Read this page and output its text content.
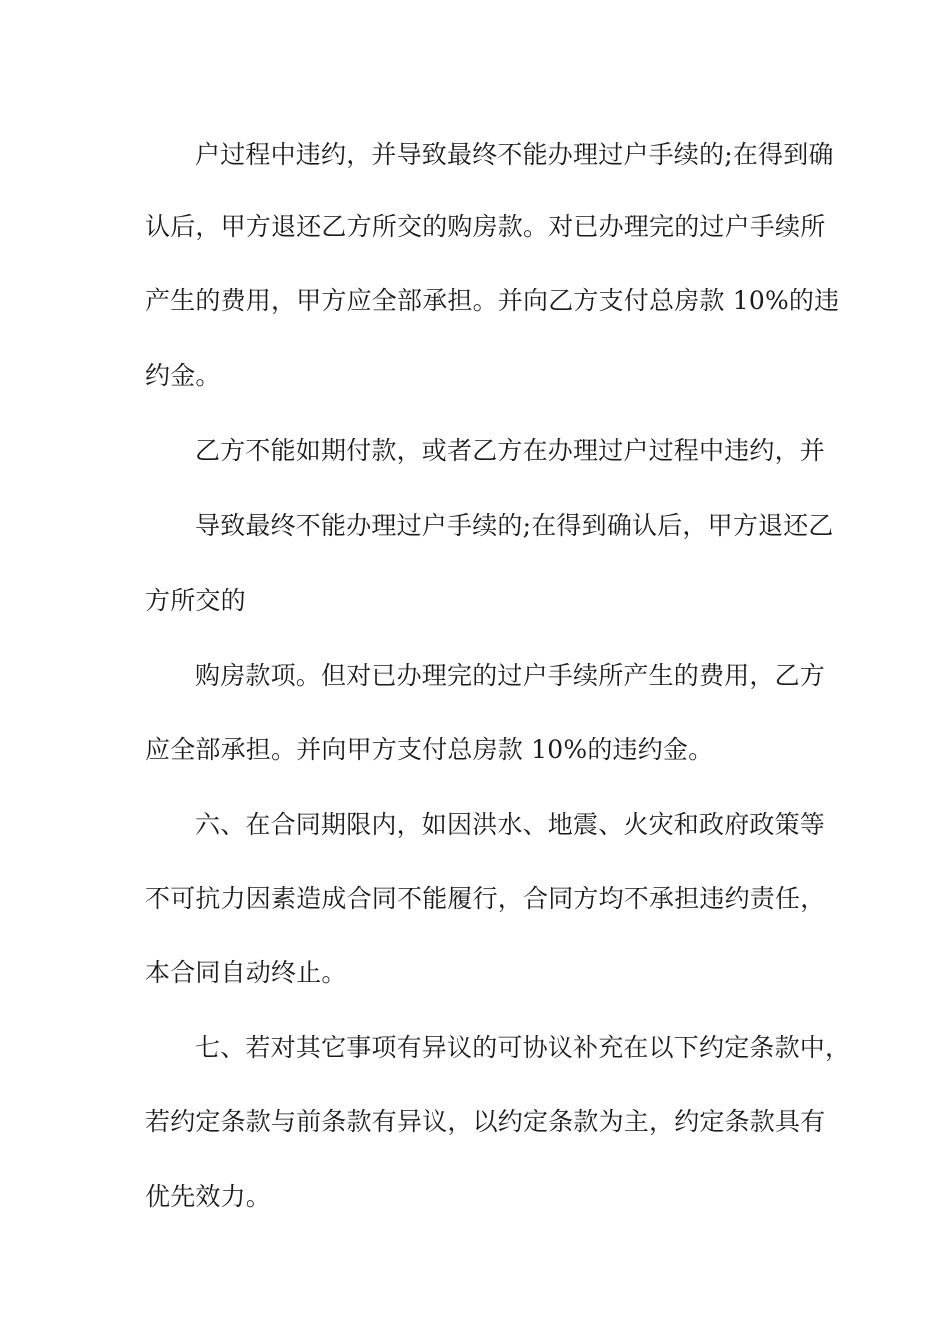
户过程中违约，并导致最终不能办理过户手续的;在得到确
认后，甲方退还乙方所交的购房款。对已办理完的过户手续所
产生的费用，甲方应全部承担。并向乙方支付总房款 10%的违
约金。
乙方不能如期付款，或者乙方在办理过户过程中违约，并
导致最终不能办理过户手续的;在得到确认后，甲方退还乙
方所交的
购房款项。但对已办理完的过户手续所产生的费用，乙方
应全部承担。并向甲方支付总房款 10%的违约金。
六、在合同期限内，如因洪水、地震、火灾和政府政策等
不可抗力因素造成合同不能履行，合同方均不承担违约责任，
本合同自动终止。
七、若对其它事项有异议的可协议补充在以下约定条款中，
若约定条款与前条款有异议，以约定条款为主，约定条款具有
优先效力。
